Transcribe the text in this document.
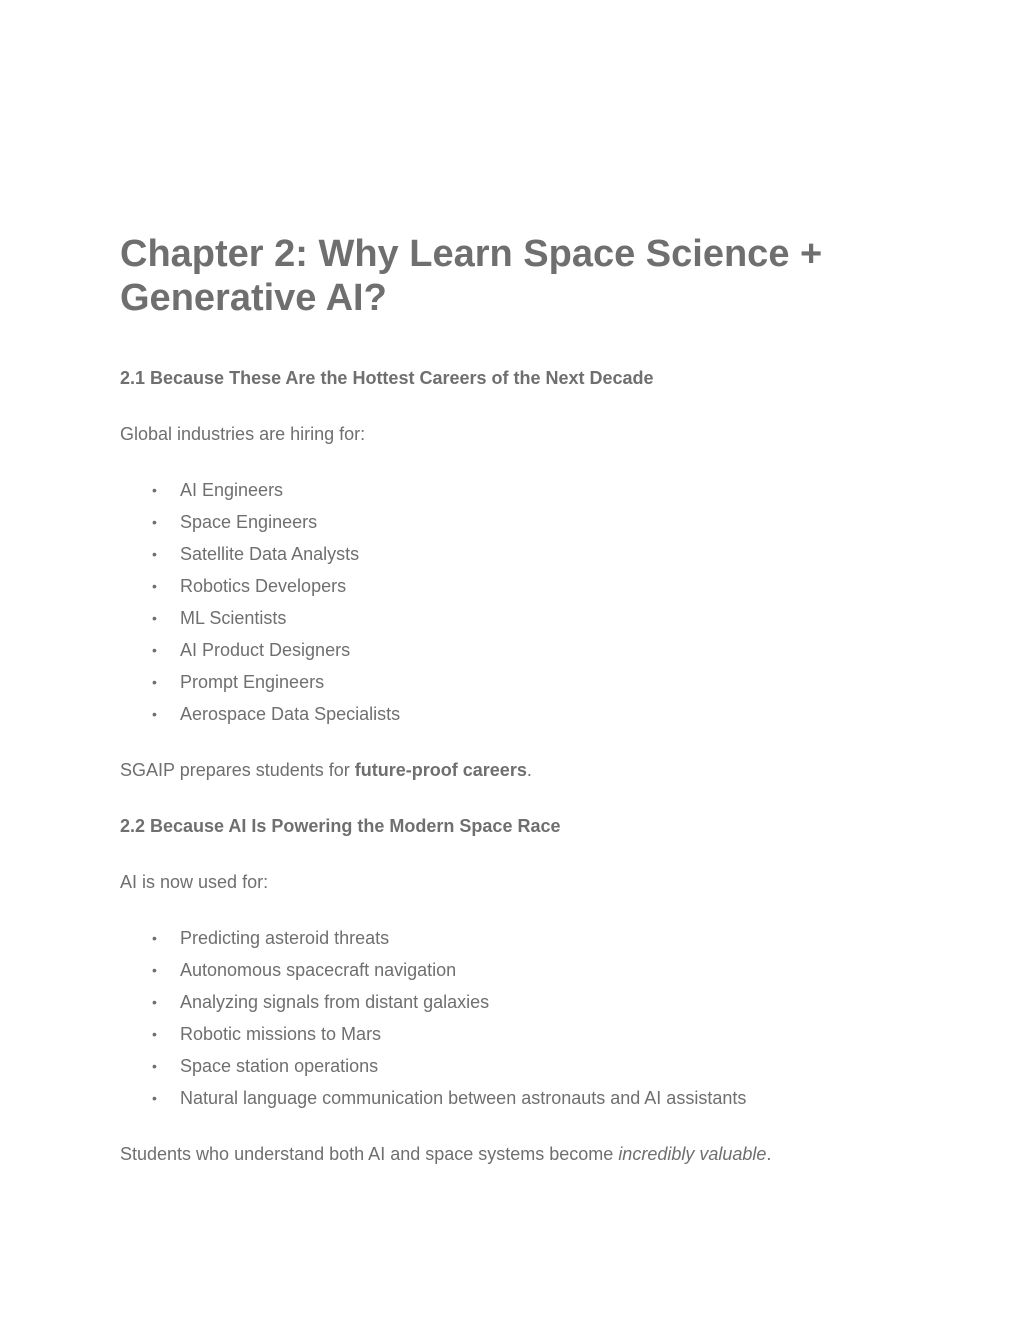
Chapter 2: Why Learn Space Science + Generative AI?
2.1 Because These Are the Hottest Careers of the Next Decade

Global industries are hiring for:

• AI Engineers
• Space Engineers
• Satellite Data Analysts
• Robotics Developers
• ML Scientists
• AI Product Designers
• Prompt Engineers
• Aerospace Data Specialists

SGAIP prepares students for future-proof careers.

2.2 Because AI Is Powering the Modern Space Race

AI is now used for:

• Predicting asteroid threats
• Autonomous spacecraft navigation
• Analyzing signals from distant galaxies
• Robotic missions to Mars
• Space station operations
• Natural language communication between astronauts and AI assistants

Students who understand both AI and space systems become incredibly valuable.
